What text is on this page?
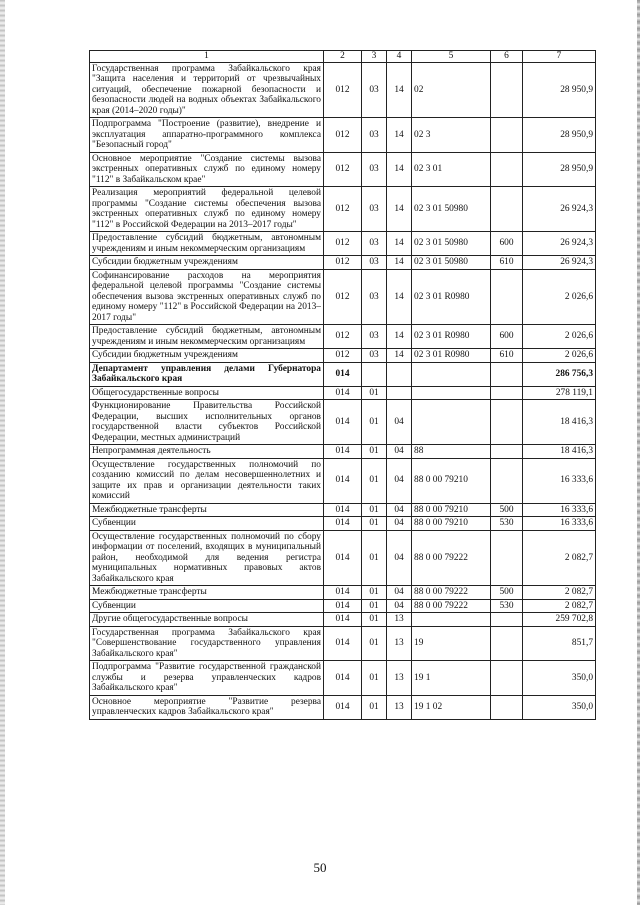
1	2	3	4	5	6	7
Государственная программа Забайкальского края "Защита населения и территорий от чрезвычайных ситуаций, обеспечение пожарной безопасности и безопасности людей на водных объектах Забайкальского края (2014–2020 годы)"	012	03	14	02		28 950,9
Подпрограмма "Построение (развитие), внедрение и эксплуатация аппаратно-программного комплекса "Безопасный город"	012	03	14	02 3		28 950,9
Основное мероприятие "Создание системы вызова экстренных оперативных служб по единому номеру "112" в Забайкальском крае"	012	03	14	02 3 01		28 950,9
Реализация мероприятий федеральной целевой программы "Создание системы обеспечения вызова экстренных оперативных служб по единому номеру "112" в Российской Федерации на 2013–2017 годы"	012	03	14	02 3 01 50980		26 924,3
Предоставление субсидий бюджетным, автономным учреждениям и иным некоммерческим организациям	012	03	14	02 3 01 50980	600	26 924,3
Субсидии бюджетным учреждениям	012	03	14	02 3 01 50980	610	26 924,3
Софинансирование расходов на мероприятия федеральной целевой программы "Создание системы обеспечения вызова экстренных оперативных служб по единому номеру "112" в Российской Федерации на 2013–2017 годы"	012	03	14	02 3 01 R0980		2 026,6
Предоставление субсидий бюджетным, автономным учреждениям и иным некоммерческим организациям	012	03	14	02 3 01 R0980	600	2 026,6
Субсидии бюджетным учреждениям	012	03	14	02 3 01 R0980	610	2 026,6
Департамент управления делами Губернатора Забайкальского края	014					286 756,3
Общегосударственные вопросы	014	01				278 119,1
Функционирование Правительства Российской Федерации, высших исполнительных органов государственной власти субъектов Российской Федерации, местных администраций	014	01	04			18 416,3
Непрограммная деятельность	014	01	04	88		18 416,3
Осуществление государственных полномочий по созданию комиссий по делам несовершеннолетних и защите их прав и организации деятельности таких комиссий	014	01	04	88 0 00 79210		16 333,6
Межбюджетные трансферты	014	01	04	88 0 00 79210	500	16 333,6
Субвенции	014	01	04	88 0 00 79210	530	16 333,6
Осуществление государственных полномочий по сбору информации от поселений, входящих в муниципальный район, необходимой для ведения регистра муниципальных нормативных правовых актов Забайкальского края	014	01	04	88 0 00 79222		2 082,7
Межбюджетные трансферты	014	01	04	88 0 00 79222	500	2 082,7
Субвенции	014	01	04	88 0 00 79222	530	2 082,7
Другие общегосударственные вопросы	014	01	13			259 702,8
Государственная программа Забайкальского края "Совершенствование государственного управления Забайкальского края"	014	01	13	19		851,7
Подпрограмма "Развитие государственной гражданской службы и резерва управленческих кадров Забайкальского края"	014	01	13	19 1		350,0
Основное мероприятие "Развитие резерва управленческих кадров Забайкальского края"	014	01	13	19 1 02		350,0
50
